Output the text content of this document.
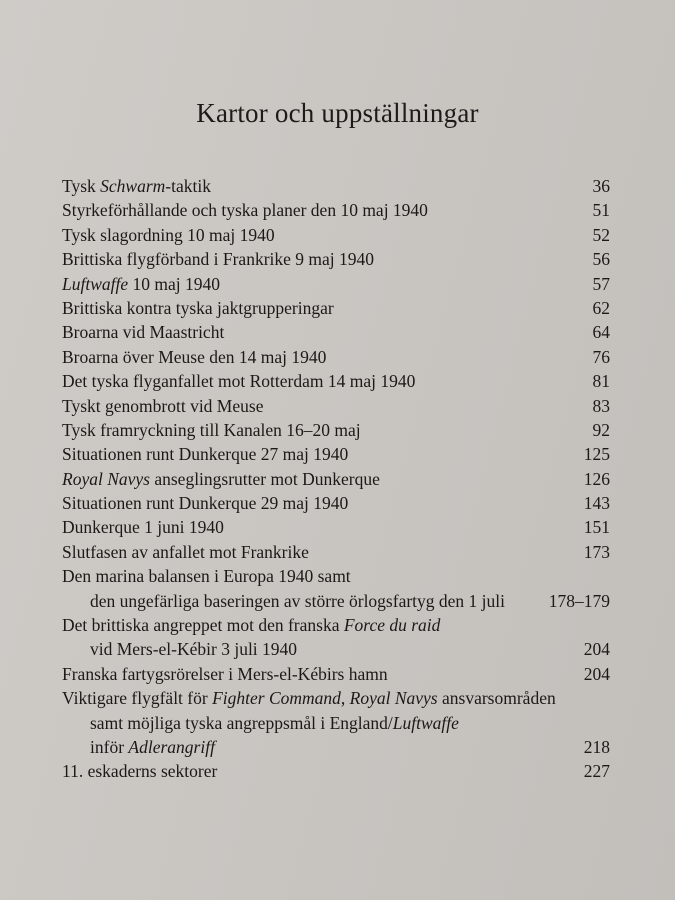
Kartor och uppställningar
Tysk Schwarm-taktik	36
Styrkeförhållande och tyska planer den 10 maj 1940	51
Tysk slagordning 10 maj 1940	52
Brittiska flygförband i Frankrike 9 maj 1940	56
Luftwaffe 10 maj 1940	57
Brittiska kontra tyska jaktgrupperingar	62
Broarna vid Maastricht	64
Broarna över Meuse den 14 maj 1940	76
Det tyska flyganfallet mot Rotterdam 14 maj 1940	81
Tyskt genombrott vid Meuse	83
Tysk framryckning till Kanalen 16–20 maj	92
Situationen runt Dunkerque 27 maj 1940	125
Royal Navys anseglingsrutter mot Dunkerque	126
Situationen runt Dunkerque 29 maj 1940	143
Dunkerque 1 juni 1940	151
Slutfasen av anfallet mot Frankrike	173
Den marina balansen i Europa 1940 samt
den ungefärliga baseringen av större örlogsfartyg den 1 juli 178–179
Det brittiska angreppet mot den franska Force du raid
vid Mers-el-Kébir 3 juli 1940	204
Franska fartygsrörelser i Mers-el-Kébirs hamn	204
Viktigare flygfält för Fighter Command, Royal Navys ansvarsområden
samt möjliga tyska angreppsmål i England/Luftwaffe
inför Adlerangriff	218
11. eskaderns sektorer	227
